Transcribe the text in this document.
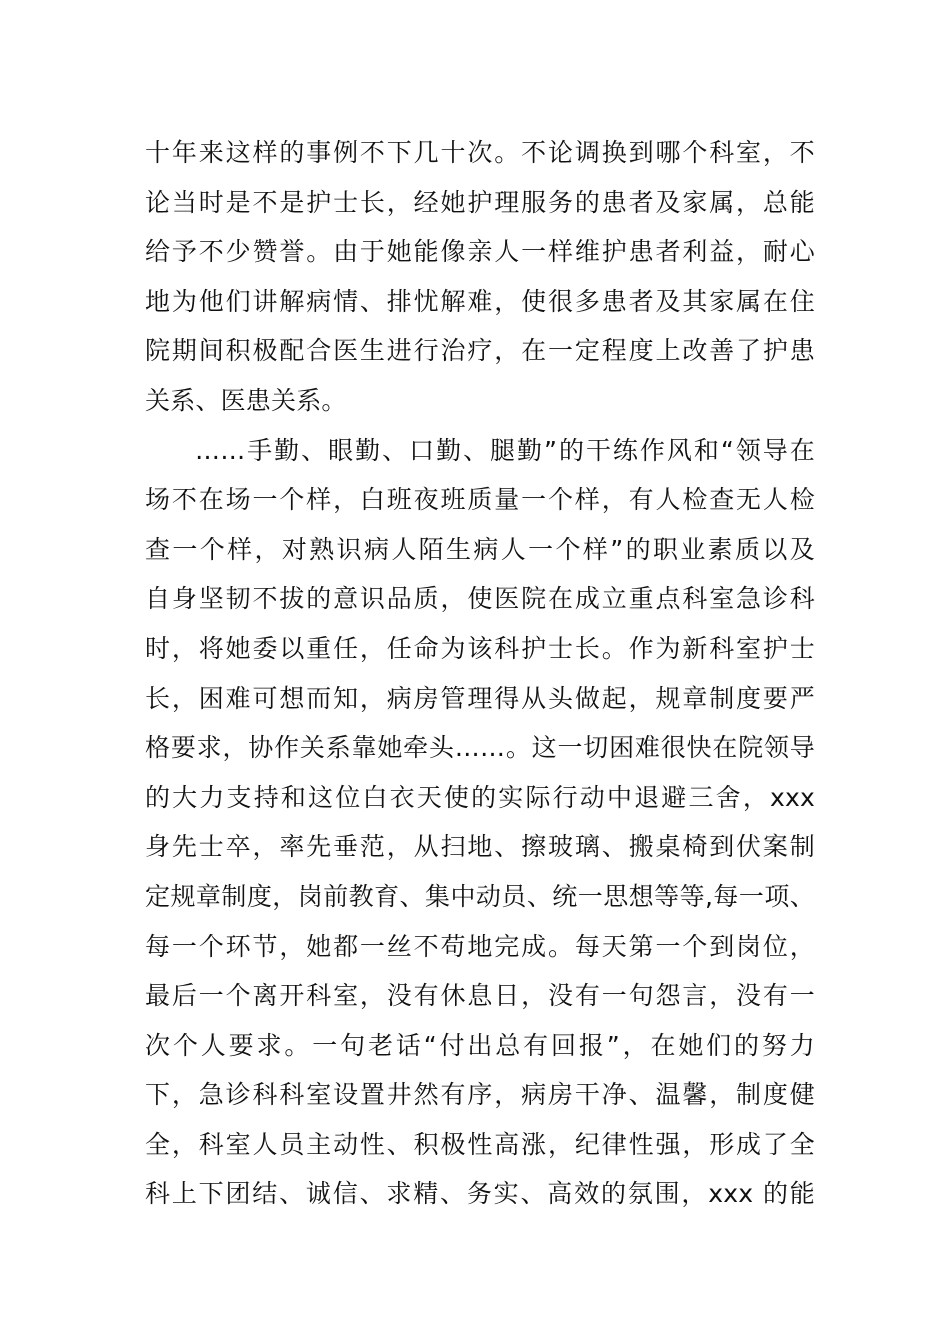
十年来这样的事例不下几十次。不论调换到哪个科室，不
论当时是不是护士长，经她护理服务的患者及家属，总能
给予不少赞誉。由于她能像亲人一样维护患者利益，耐心
地为他们讲解病情、排忧解难，使很多患者及其家属在住
院期间积极配合医生进行治疗，在一定程度上改善了护患
关系、医患关系。
……手勤、眼勤、口勤、腿勤”的干练作风和“领导在
场不在场一个样，白班夜班质量一个样，有人检查无人检
查一个样，对熟识病人陌生病人一个样”的职业素质以及
自身坚韧不拔的意识品质，使医院在成立重点科室急诊科
时，将她委以重任，任命为该科护士长。作为新科室护士
长，困难可想而知，病房管理得从头做起，规章制度要严
格要求，协作关系靠她牵头……。这一切困难很快在院领导
的大力支持和这位白衣天使的实际行动中退避三舍，xxx
身先士卒，率先垂范，从扫地、擦玻璃、搬桌椅到伏案制
定规章制度，岗前教育、集中动员、统一思想等等,每一项、
每一个环节，她都一丝不苟地完成。每天第一个到岗位，
最后一个离开科室，没有休息日，没有一句怨言，没有一
次个人要求。一句老话“付出总有回报”，在她们的努力
下，急诊科科室设置井然有序，病房干净、温馨，制度健
全，科室人员主动性、积极性高涨，纪律性强，形成了全
科上下团结、诚信、求精、务实、高效的氛围，xxx 的能
